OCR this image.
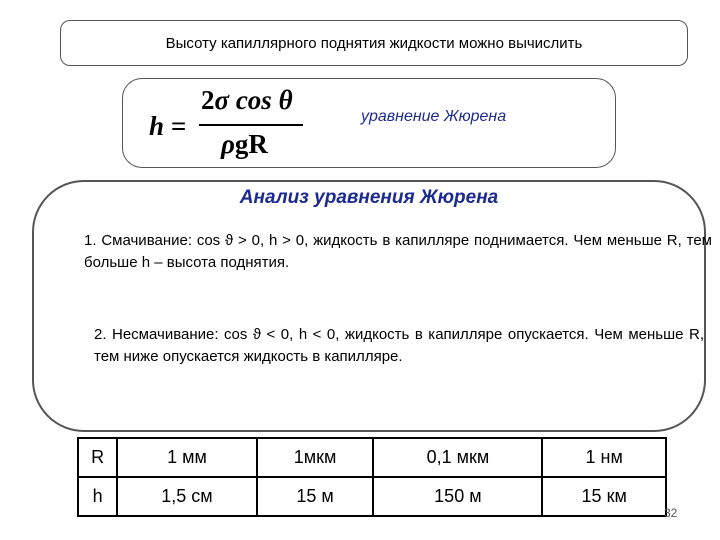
Высоту капиллярного поднятия жидкости можно вычислить
h =
2σ cos θ
ρgR
уравнение Жюрена
Анализ уравнения Жюрена

1. Смачивание: cos ϑ > 0, h > 0, жидкость в капилляре поднимается. Чем меньше R, тем больше h – высота поднятия.

2. Несмачивание: cos ϑ < 0, h < 0, жидкость в капилляре опускается. Чем меньше R, тем ниже опускается жидкость в капилляре.

R	1 мм	1мкм	0,1 мкм	1 нм
h	1,5 см	15 м	150 м	15 км
32
